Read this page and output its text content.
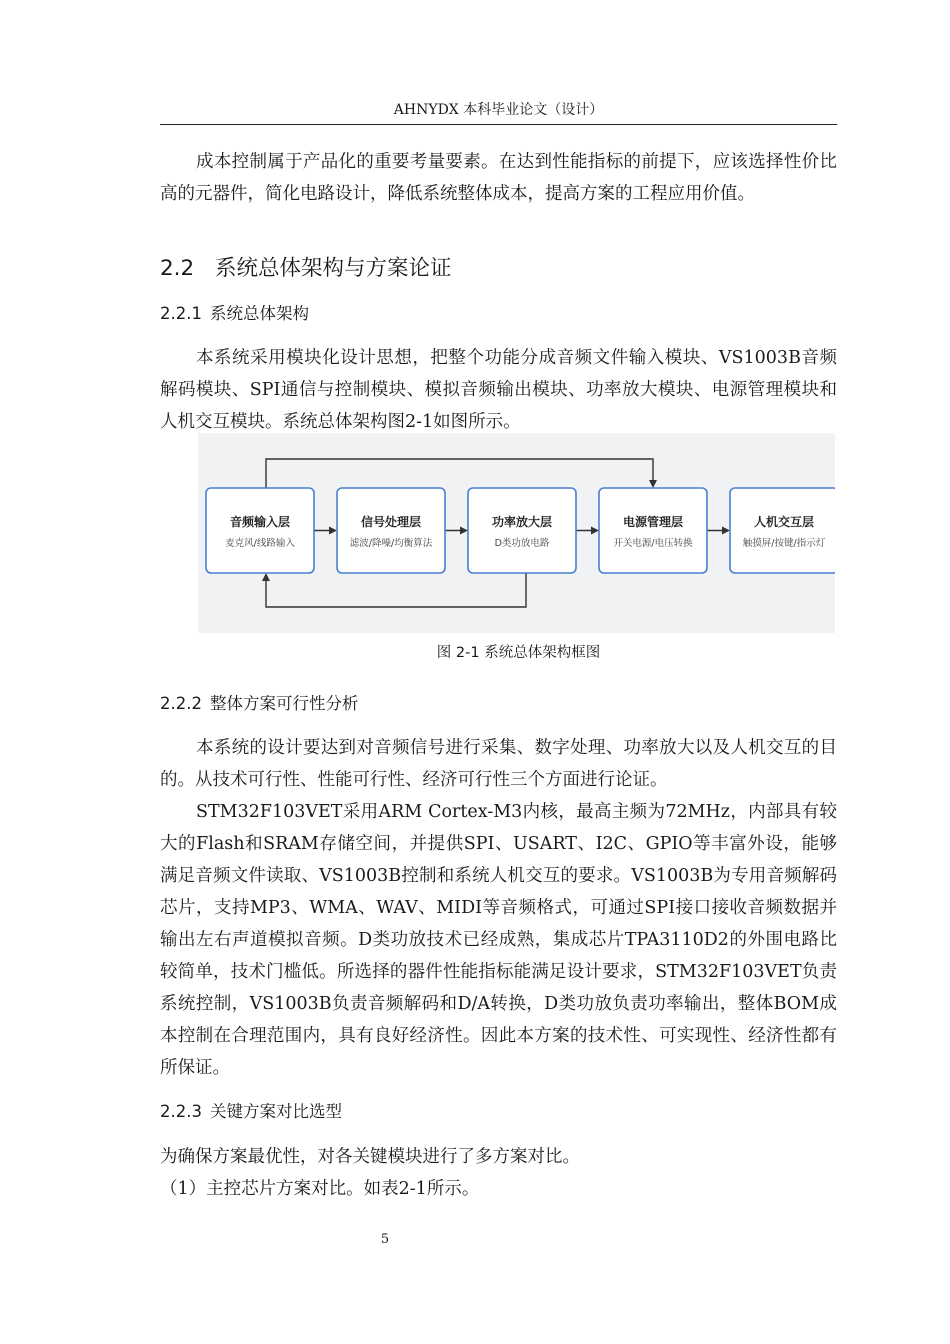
AHNYDX 本科毕业论文（设计）

成本控制属于产品化的重要考量要素。在达到性能指标的前提下，应该选择性价比高的元器件，简化电路设计，降低系统整体成本，提高方案的工程应用价值。

2.2 系统总体架构与方案论证
2.2.1 系统总体架构

本系统采用模块化设计思想，把整个功能分成音频文件输入模块、VS1003B音频解码模块、SPI通信与控制模块、模拟音频输出模块、功率放大模块、电源管理模块和人机交互模块。系统总体架构图2-1如图所示。

音频输入层
麦克风/线路输入
信号处理层
滤波/降噪/均衡算法
功率放大层
D类功放电路
电源管理层
开关电源/电压转换
人机交互层
触摸屏/按键/指示灯
图 2-1 系统总体架构框图
2.2.2 整体方案可行性分析

本系统的设计要达到对音频信号进行采集、数字处理、功率放大以及人机交互的目的。从技术可行性、性能可行性、经济可行性三个方面进行论证。

STM32F103VET采用ARM Cortex-M3内核，最高主频为72MHz，内部具有较大的Flash和SRAM存储空间，并提供SPI、USART、I2C、GPIO等丰富外设，能够满足音频文件读取、VS1003B控制和系统人机交互的要求。VS1003B为专用音频解码芯片，支持MP3、WMA、WAV、MIDI等音频格式，可通过SPI接口接收音频数据并输出左右声道模拟音频。D类功放技术已经成熟，集成芯片TPA3110D2的外围电路比较简单，技术门槛低。所选择的器件性能指标能满足设计要求，STM32F103VET负责系统控制，VS1003B负责音频解码和D/A转换，D类功放负责功率输出，整体BOM成本控制在合理范围内，具有良好经济性。因此本方案的技术性、可实现性、经济性都有所保证。

2.2.3 关键方案对比选型

为确保方案最优性，对各关键模块进行了多方案对比。

（1）主控芯片方案对比。如表2-1所示。

5
